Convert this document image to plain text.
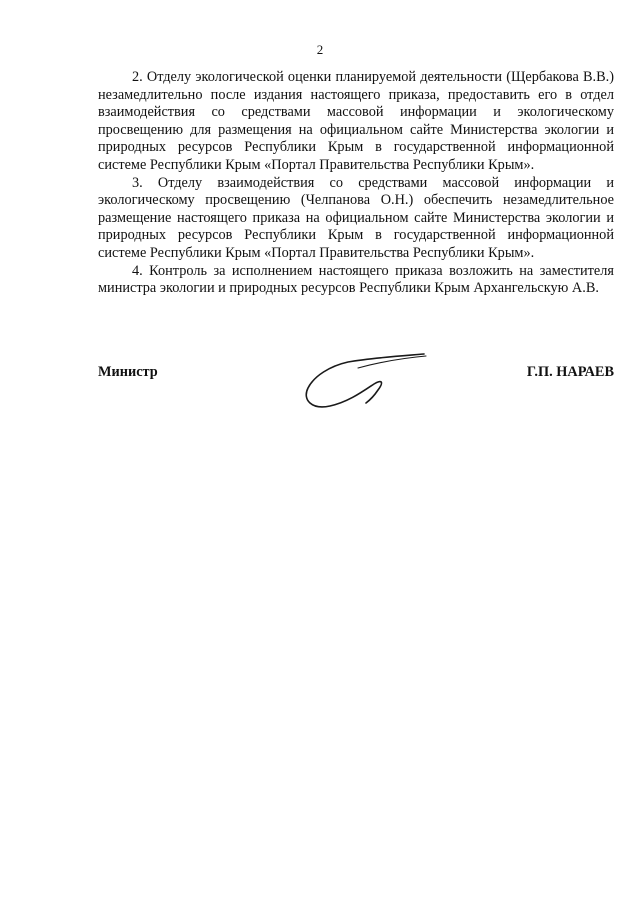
2

2. Отделу экологической оценки планируемой деятельности (Щербакова В.В.) незамедлительно после издания настоящего приказа, предоставить его в отдел взаимодействия со средствами массовой информации и экологическому просвещению для размещения на официальном сайте Министерства экологии и природных ресурсов Республики Крым в государственной информационной системе Республики Крым «Портал Правительства Республики Крым».

3. Отделу взаимодействия со средствами массовой информации и экологическому просвещению (Челпанова О.Н.) обеспечить незамедлительное размещение настоящего приказа на официальном сайте Министерства экологии и природных ресурсов Республики Крым в государственной информационной системе Республики Крым «Портал Правительства Республики Крым».

4. Контроль за исполнением настоящего приказа возложить на заместителя министра экологии и природных ресурсов Республики Крым Архангельскую А.В.

Министр	Г.П. НАРАЕВ
